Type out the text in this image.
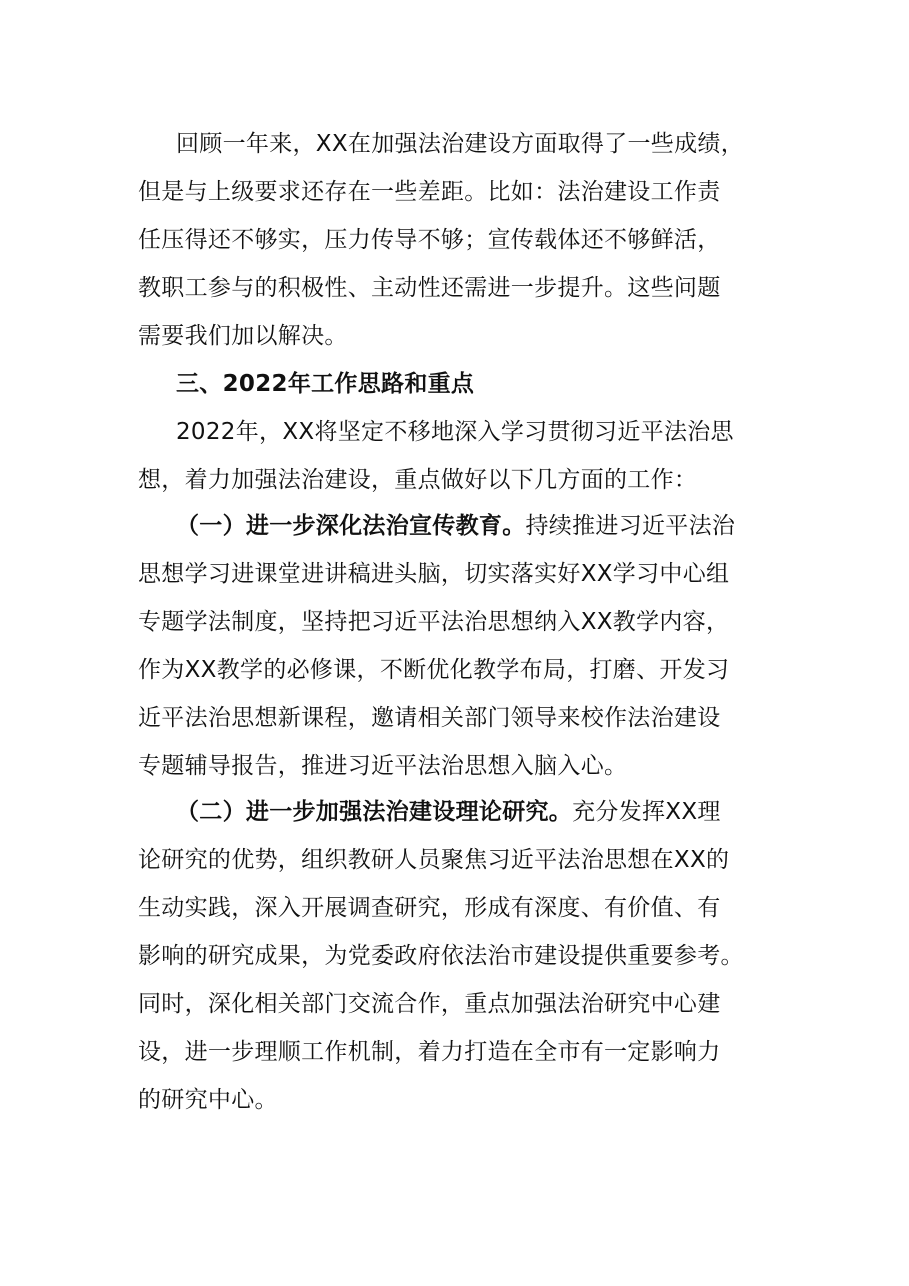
回顾一年来，XX在加强法治建设方面取得了一些成绩，
但是与上级要求还存在一些差距。比如：法治建设工作责
任压得还不够实，压力传导不够；宣传载体还不够鲜活，
教职工参与的积极性、主动性还需进一步提升。这些问题
需要我们加以解决。
三、2022年工作思路和重点
2022年，XX将坚定不移地深入学习贯彻习近平法治思
想，着力加强法治建设，重点做好以下几方面的工作：
（一）进一步深化法治宣传教育。持续推进习近平法治
思想学习进课堂进讲稿进头脑，切实落实好XX学习中心组
专题学法制度，坚持把习近平法治思想纳入XX教学内容，
作为XX教学的必修课，不断优化教学布局，打磨、开发习
近平法治思想新课程，邀请相关部门领导来校作法治建设
专题辅导报告，推进习近平法治思想入脑入心。
（二）进一步加强法治建设理论研究。充分发挥XX理
论研究的优势，组织教研人员聚焦习近平法治思想在XX的
生动实践，深入开展调查研究，形成有深度、有价值、有
影响的研究成果，为党委政府依法治市建设提供重要参考。
同时，深化相关部门交流合作，重点加强法治研究中心建
设，进一步理顺工作机制，着力打造在全市有一定影响力
的研究中心。
